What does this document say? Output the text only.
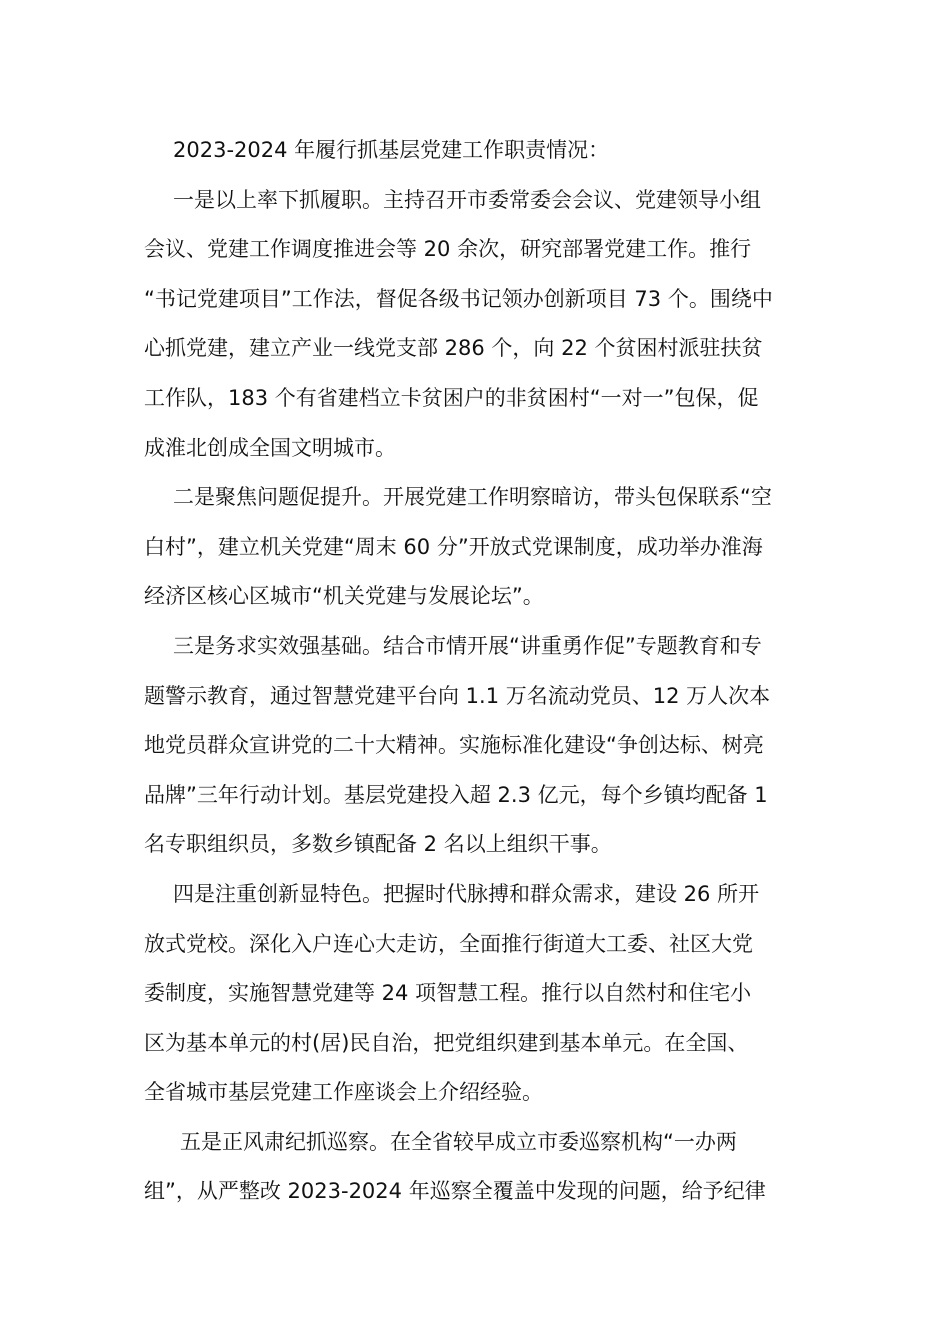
2023-2024 年履行抓基层党建工作职责情况：
一是以上率下抓履职。主持召开市委常委会会议、党建领导小组
会议、党建工作调度推进会等 20 余次，研究部署党建工作。推行
“书记党建项目”工作法，督促各级书记领办创新项目 73 个。围绕中
心抓党建，建立产业一线党支部 286 个，向 22 个贫困村派驻扶贫
工作队，183 个有省建档立卡贫困户的非贫困村“一对一”包保，促
成淮北创成全国文明城市。
二是聚焦问题促提升。开展党建工作明察暗访，带头包保联系“空
白村”，建立机关党建“周末 60 分”开放式党课制度，成功举办淮海
经济区核心区城市“机关党建与发展论坛”。
三是务求实效强基础。结合市情开展“讲重勇作促”专题教育和专
题警示教育，通过智慧党建平台向 1.1 万名流动党员、12 万人次本
地党员群众宣讲党的二十大精神。实施标准化建设“争创达标、树亮
品牌”三年行动计划。基层党建投入超 2.3 亿元，每个乡镇均配备 1
名专职组织员，多数乡镇配备 2 名以上组织干事。
四是注重创新显特色。把握时代脉搏和群众需求，建设 26 所开
放式党校。深化入户连心大走访，全面推行街道大工委、社区大党
委制度，实施智慧党建等 24 项智慧工程。推行以自然村和住宅小
区为基本单元的村(居)民自治，把党组织建到基本单元。在全国、
全省城市基层党建工作座谈会上介绍经验。
五是正风肃纪抓巡察。在全省较早成立市委巡察机构“一办两
组”，从严整改 2023-2024 年巡察全覆盖中发现的问题，给予纪律
